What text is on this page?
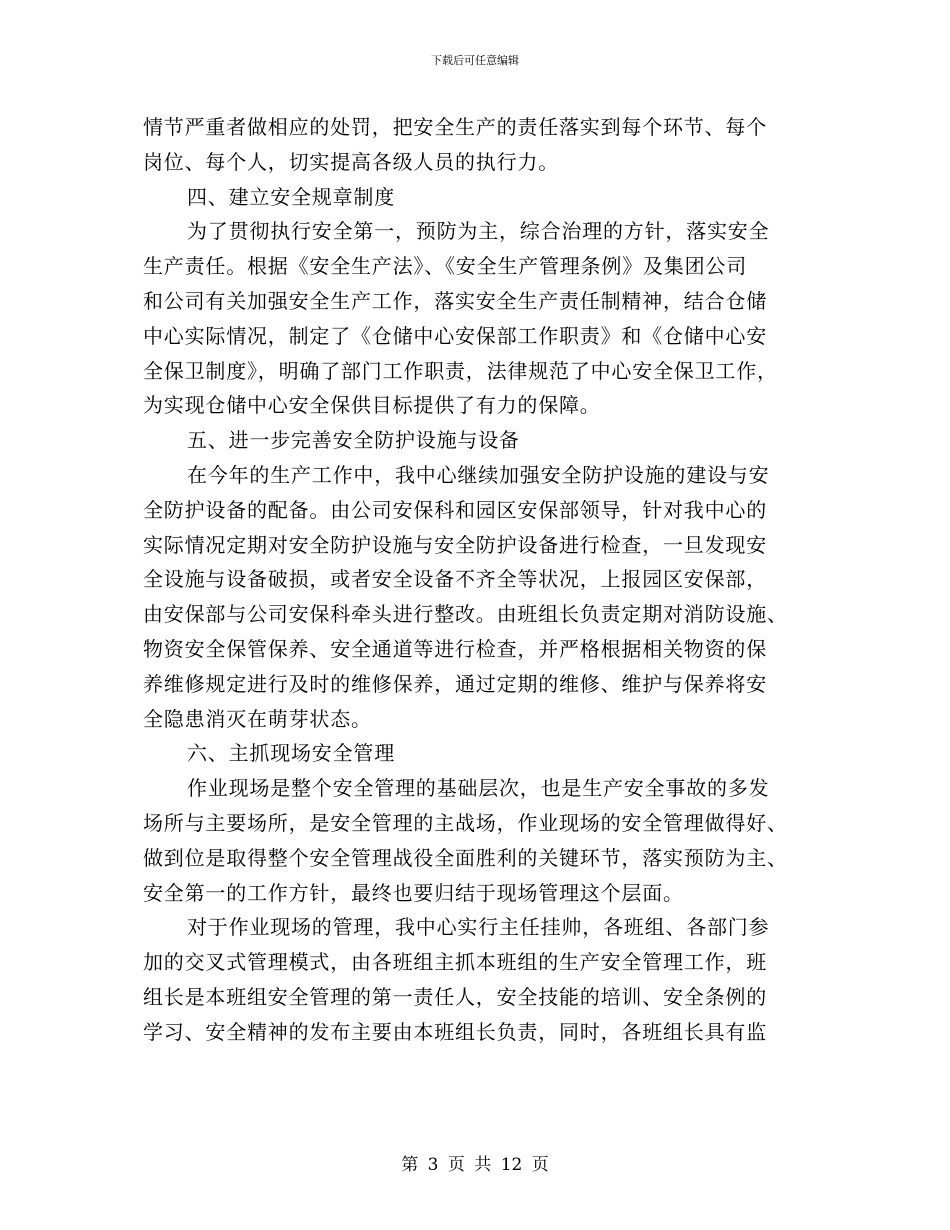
下载后可任意编辑
情节严重者做相应的处罚，把安全生产的责任落实到每个环节、每个
岗位、每个人，切实提高各级人员的执行力。
四、建立安全规章制度
为了贯彻执行安全第一，预防为主，综合治理的方针，落实安全
生产责任。根据《安全生产法》、《安全生产管理条例》及集团公司
和公司有关加强安全生产工作，落实安全生产责任制精神，结合仓储
中心实际情况，制定了《仓储中心安保部工作职责》和《仓储中心安
全保卫制度》，明确了部门工作职责，法律规范了中心安全保卫工作，
为实现仓储中心安全保供目标提供了有力的保障。
五、进一步完善安全防护设施与设备
在今年的生产工作中，我中心继续加强安全防护设施的建设与安
全防护设备的配备。由公司安保科和园区安保部领导，针对我中心的
实际情况定期对安全防护设施与安全防护设备进行检查，一旦发现安
全设施与设备破损，或者安全设备不齐全等状况，上报园区安保部，
由安保部与公司安保科牵头进行整改。由班组长负责定期对消防设施、
物资安全保管保养、安全通道等进行检查，并严格根据相关物资的保
养维修规定进行及时的维修保养，通过定期的维修、维护与保养将安
全隐患消灭在萌芽状态。
六、主抓现场安全管理
作业现场是整个安全管理的基础层次，也是生产安全事故的多发
场所与主要场所，是安全管理的主战场，作业现场的安全管理做得好、
做到位是取得整个安全管理战役全面胜利的关键环节，落实预防为主、
安全第一的工作方针，最终也要归结于现场管理这个层面。
对于作业现场的管理，我中心实行主任挂帅，各班组、各部门参
加的交叉式管理模式，由各班组主抓本班组的生产安全管理工作，班
组长是本班组安全管理的第一责任人，安全技能的培训、安全条例的
学习、安全精神的发布主要由本班组长负责，同时，各班组长具有监
第 3 页 共 12 页
